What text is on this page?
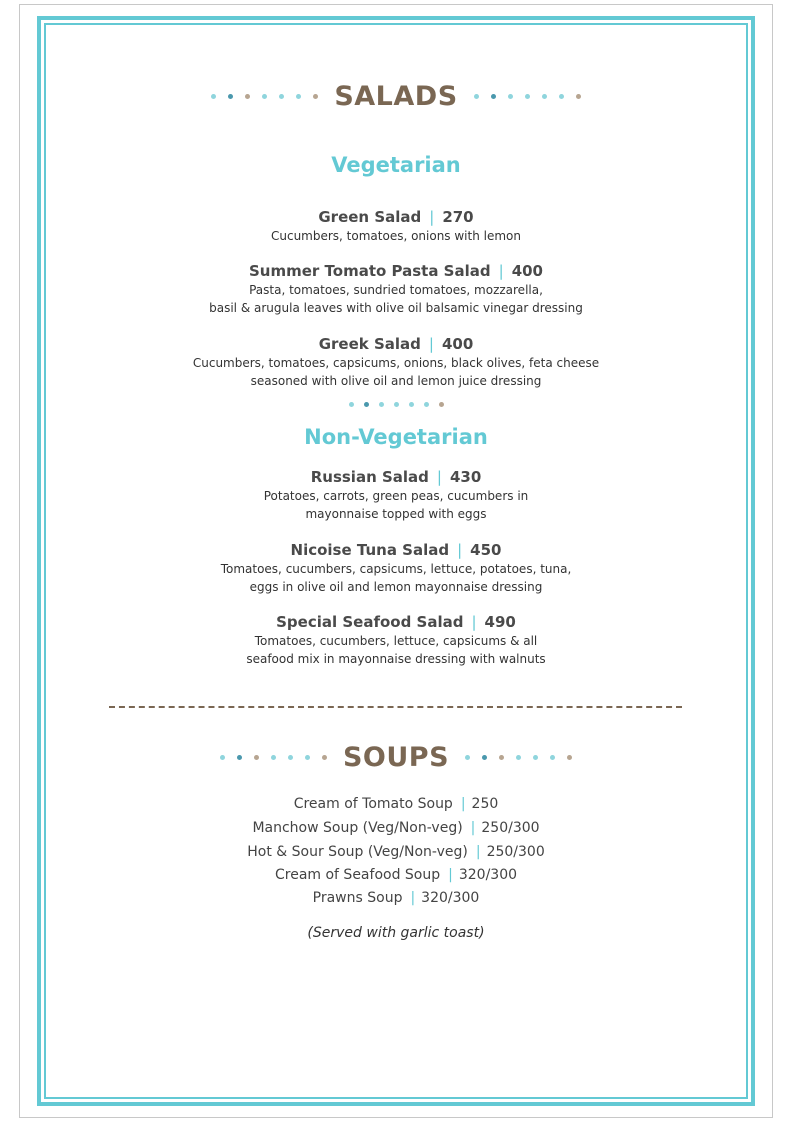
SALADS
Vegetarian
Green Salad | 270
Cucumbers, tomatoes, onions with lemon
Summer Tomato Pasta Salad | 400
Pasta, tomatoes, sundried tomatoes, mozzarella,
basil & arugula leaves with olive oil balsamic vinegar dressing
Greek Salad | 400
Cucumbers, tomatoes, capsicums, onions, black olives, feta cheese
seasoned with olive oil and lemon juice dressing
Non-Vegetarian
Russian Salad | 430
Potatoes, carrots, green peas, cucumbers in
mayonnaise topped with eggs
Nicoise Tuna Salad | 450
Tomatoes, cucumbers, capsicums, lettuce, potatoes, tuna,
eggs in olive oil and lemon mayonnaise dressing
Special Seafood Salad | 490
Tomatoes, cucumbers, lettuce, capsicums & all
seafood mix in mayonnaise dressing with walnuts
SOUPS
Cream of Tomato Soup | 250
Manchow Soup (Veg/Non-veg) | 250/300
Hot & Sour Soup (Veg/Non-veg) | 250/300
Cream of Seafood Soup | 320/300
Prawns Soup | 320/300
(Served with garlic toast)
